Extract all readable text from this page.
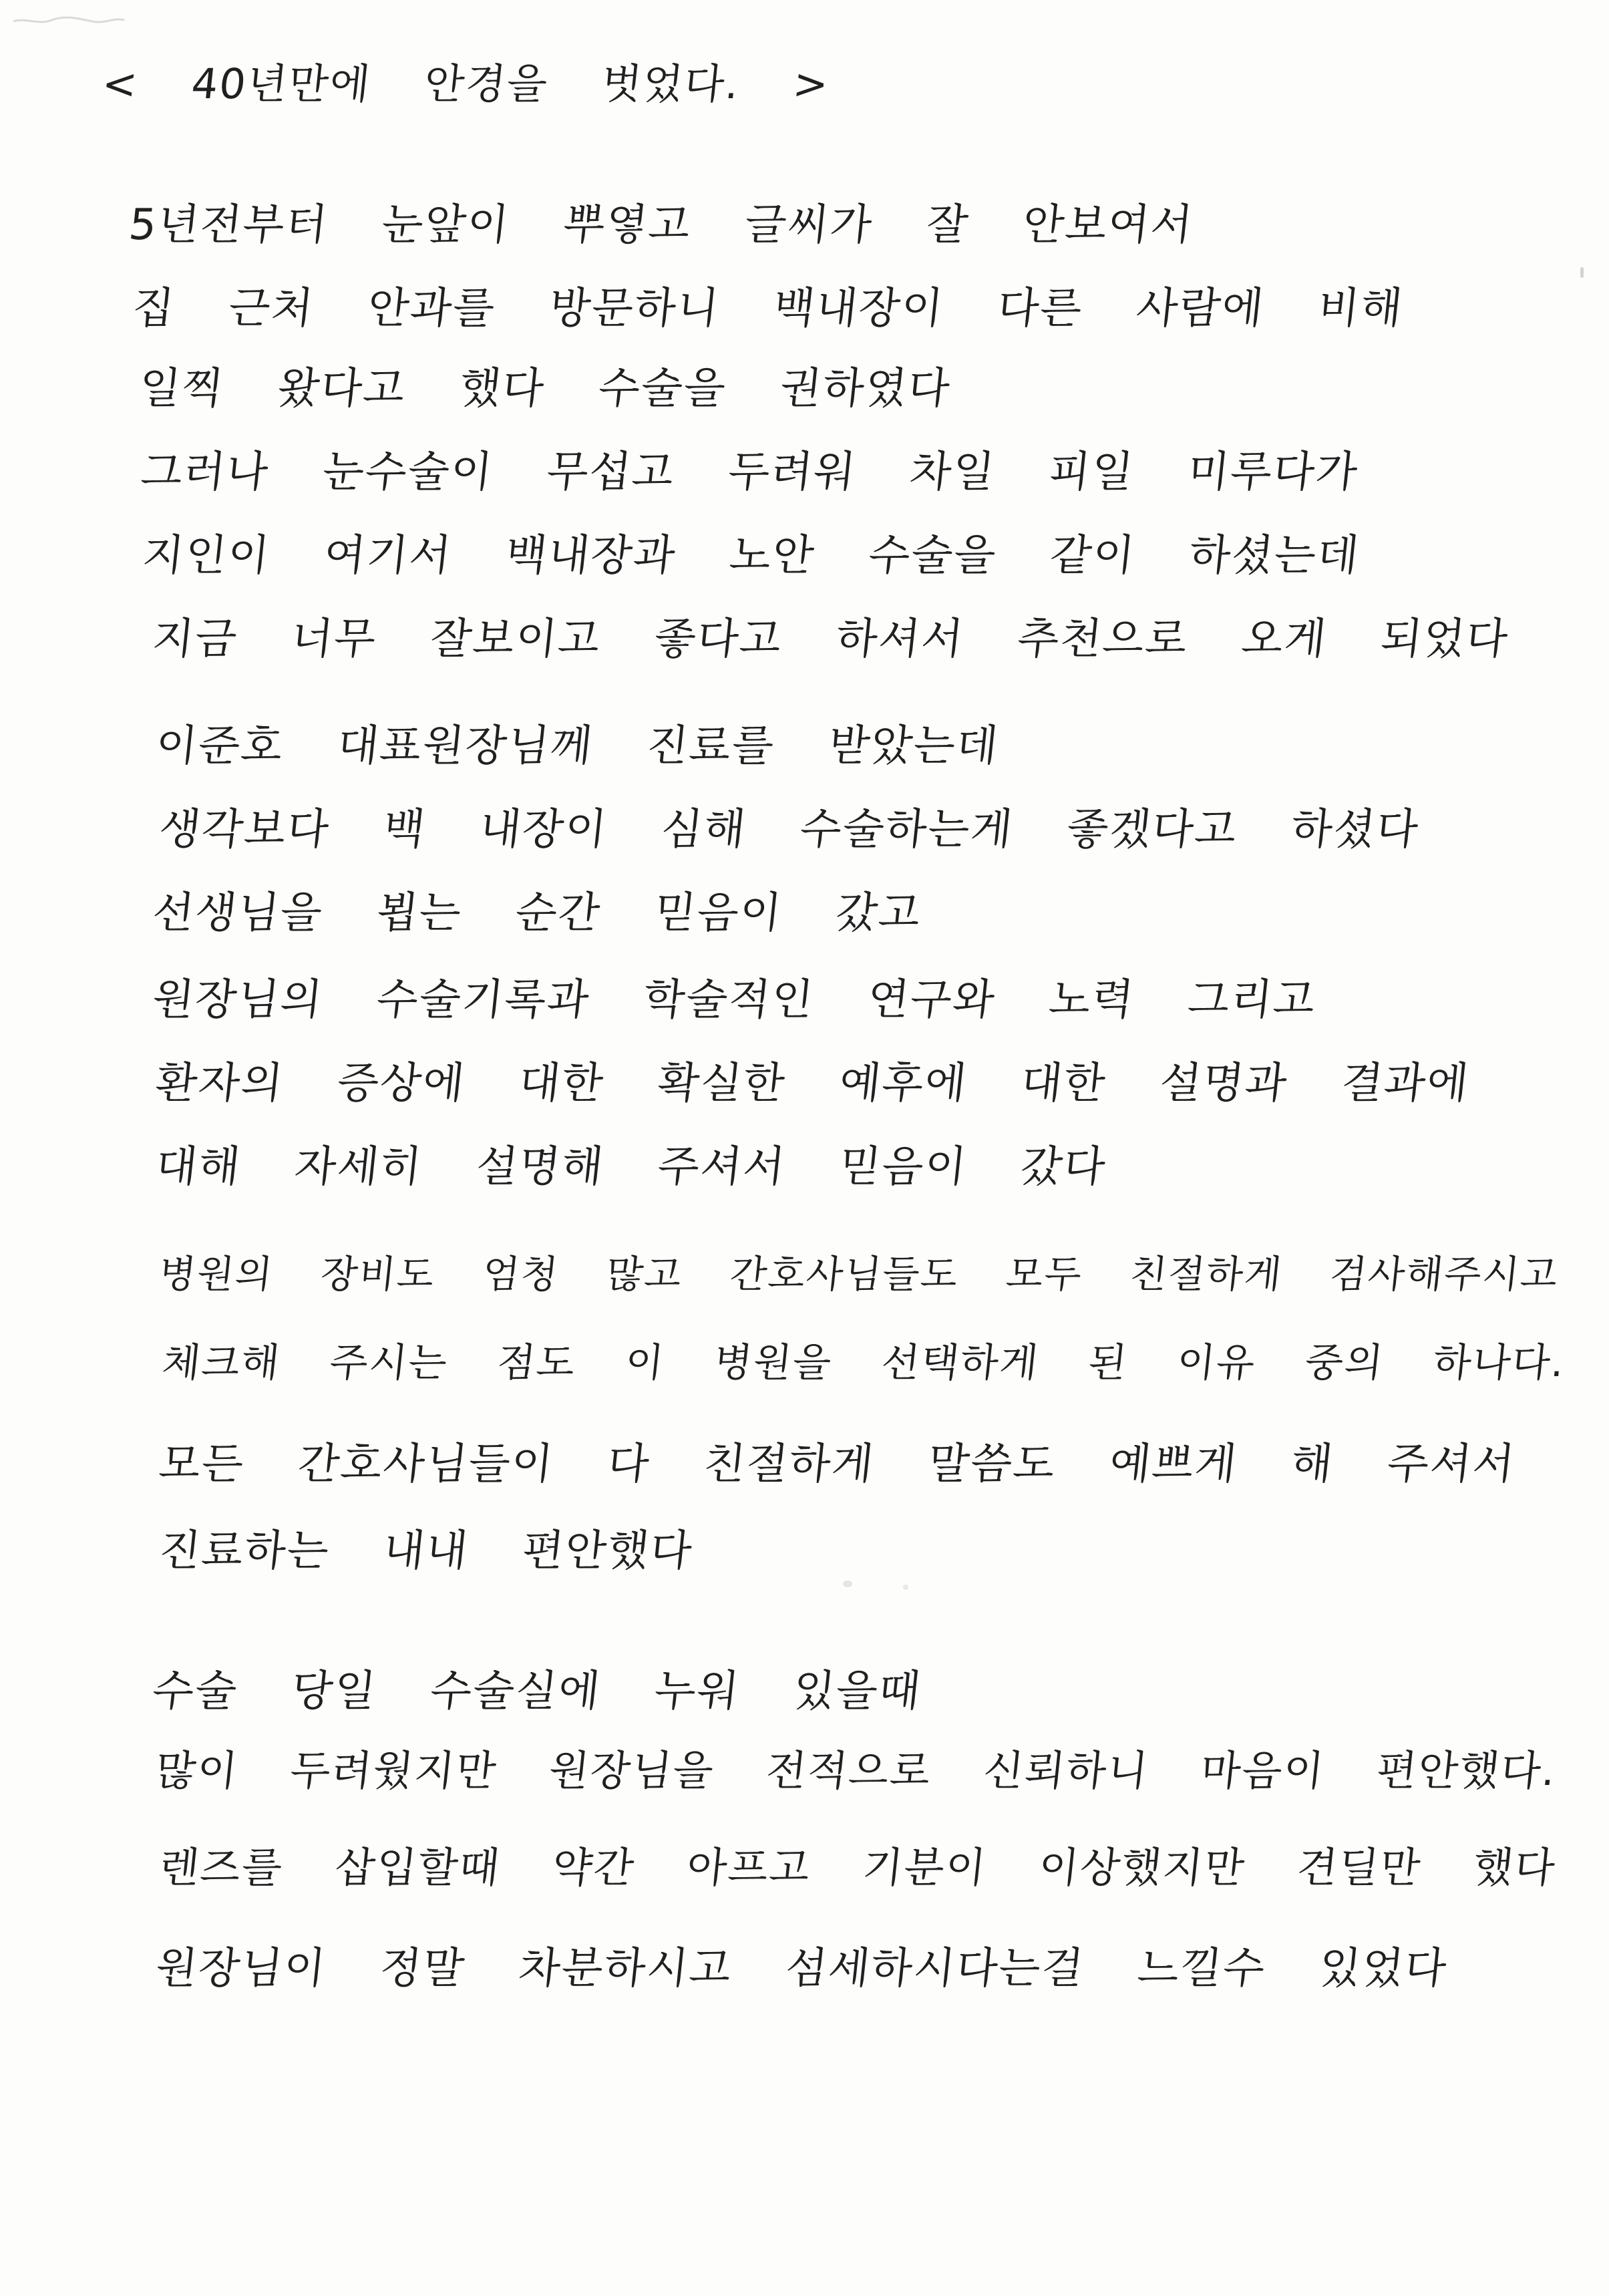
< 40년만에 안경을 벗었다. >
5년전부터 눈앞이 뿌옇고 글씨가 잘 안보여서
집 근처 안과를 방문하니 백내장이 다른 사람에 비해
일찍 왔다고 했다 수술을 권하였다
그러나 눈수술이 무섭고 두려워 차일 피일 미루다가
지인이 여기서 백내장과 노안 수술을 같이 하셨는데
지금 너무 잘보이고 좋다고 하셔서 추천으로 오게 되었다
이준호 대표원장님께 진료를 받았는데
생각보다 백 내장이 심해 수술하는게 좋겠다고 하셨다
선생님을 뵙는 순간 믿음이 갔고
원장님의 수술기록과 학술적인 연구와 노력 그리고
환자의 증상에 대한 확실한 예후에 대한 설명과 결과에
대해 자세히 설명해 주셔서 믿음이 갔다
병원의 장비도 엄청 많고 간호사님들도 모두 친절하게 검사해주시고
체크해 주시는 점도 이 병원을 선택하게 된 이유 중의 하나다.
모든 간호사님들이 다 친절하게 말씀도 예쁘게 해 주셔서
진료하는 내내 편안했다
수술 당일 수술실에 누워 있을때
많이 두려웠지만 원장님을 전적으로 신뢰하니 마음이 편안했다.
렌즈를 삽입할때 약간 아프고 기분이 이상했지만 견딜만 했다
원장님이 정말 차분하시고 섬세하시다는걸 느낄수 있었다
